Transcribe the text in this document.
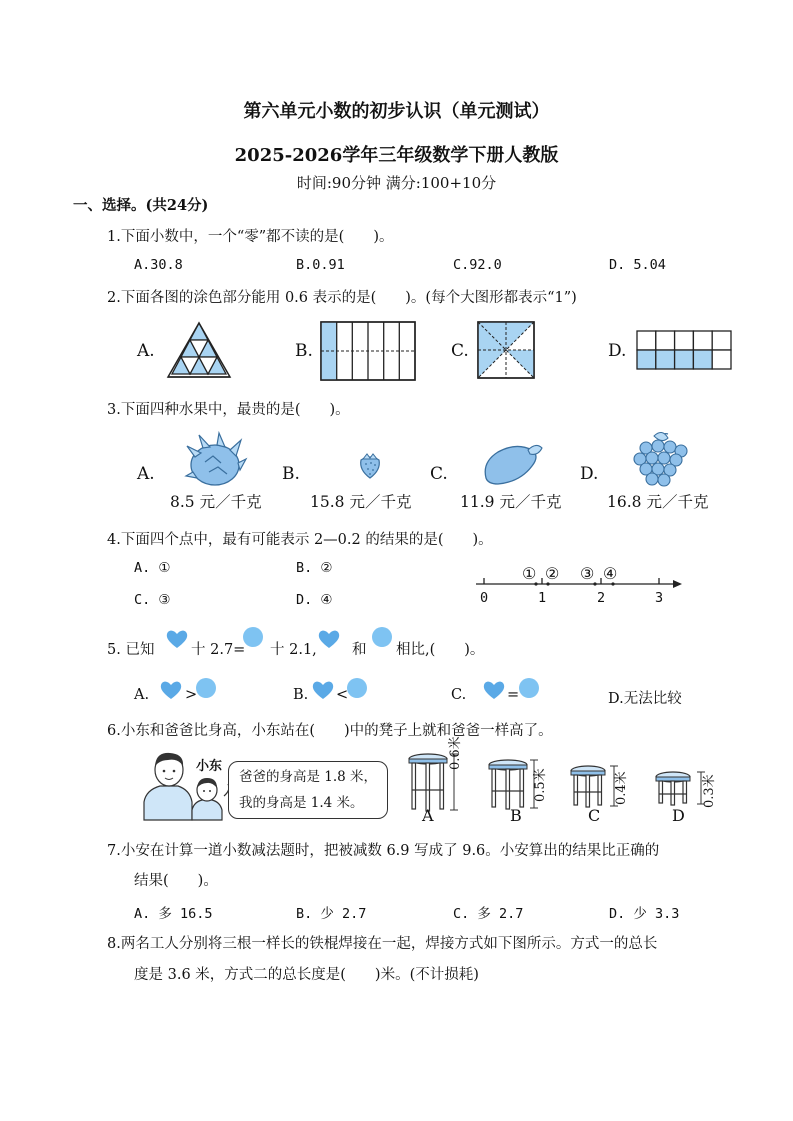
第六单元小数的初步认识（单元测试）
2025-2026学年三年级数学下册人教版
时间:90分钟 满分:100+10分
一、选择。(共24分)
1.下面小数中，一个“零”都不读的是(　　)。
A.30.8	B.0.91	C.92.0	D. 5.04
2.下面各图的涂色部分能用 0.6 表示的是(　　)。(每个大图形都表示“1”)
A.	B.	C.	D.
3.下面四种水果中，最贵的是(　　)。
A.
8.5 元／千克
B.
15.8 元／千克
C.
11.9 元／千克
D.
16.8 元／千克
4.下面四个点中，最有可能表示 2—0.2 的结果的是(　　)。
A. ①	B. ②
C. ③	D. ④	0	1	2	3
① ② ③ ④
5. 已知	十 2.7= 十 2.1, 和 相比,(　　)。
A. >	B. <	C.	=	D.无法比较
6.小东和爸爸比身高，小东站在(　　)中的凳子上就和爸爸一样高了。
小东
爸爸的身高是 1.8 米，
我的身高是 1.4 米。
0.6米
A
0.5米
B
0.4米
C
0.3米
D
7.小安在计算一道小数减法题时，把被减数 6.9 写成了 9.6。小安算出的结果比正确的
结果(　　)。
A. 多 16.5	B. 少 2.7	C. 多 2.7	D. 少 3.3
8.两名工人分别将三根一样长的铁棍焊接在一起，焊接方式如下图所示。方式一的总长
度是 3.6 米，方式二的总长度是(　　)米。(不计损耗)
